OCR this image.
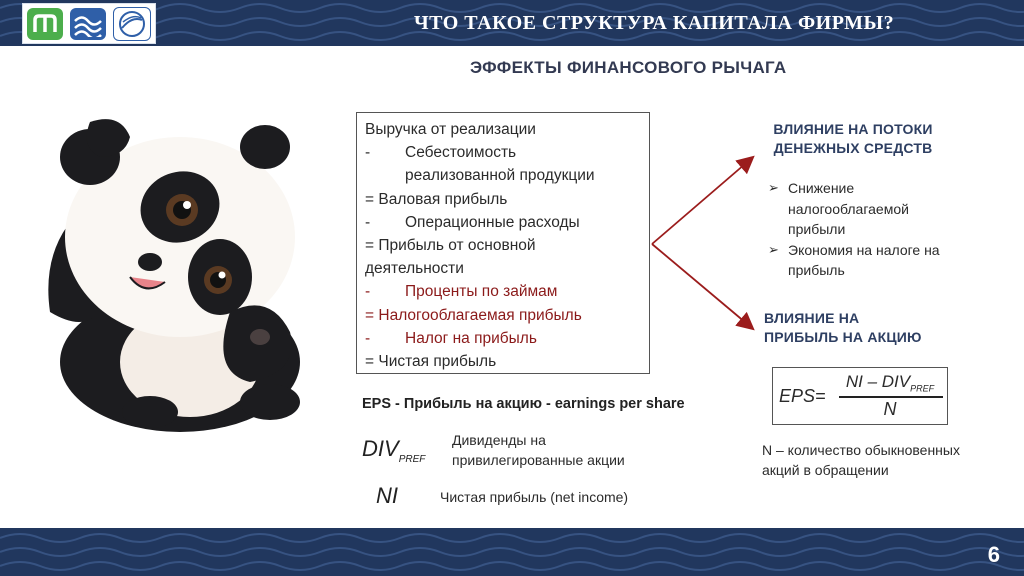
ЧТО ТАКОЕ СТРУКТУРА КАПИТАЛА ФИРМЫ?
ЭФФЕКТЫ ФИНАНСОВОГО РЫЧАГА
Выручка от реализации
- Себестоимость
реализованной продукции
= Валовая прибыль
- Операционные расходы
= Прибыль от основной
деятельности
- Проценты по займам
= Налогооблагаемая прибыль
- Налог на прибыль
= Чистая прибыль
ВЛИЯНИЕ НА ПОТОКИ
ДЕНЕЖНЫХ СРЕДСТВ
➢ Снижение
налогооблагаемой
прибыли
➢ Экономия на налоге на
прибыль
ВЛИЯНИЕ НА
ПРИБЫЛЬ НА АКЦИЮ
EPS=
NI – $DIV_{PREF}$
N
N – количество обыкновенных
акций в обращении
EPS - Прибыль на акцию - earnings per share
$DIV_{PREF}$
Дивиденды на
привилегированные акции
NI	Чистая прибыль (net income)
6
